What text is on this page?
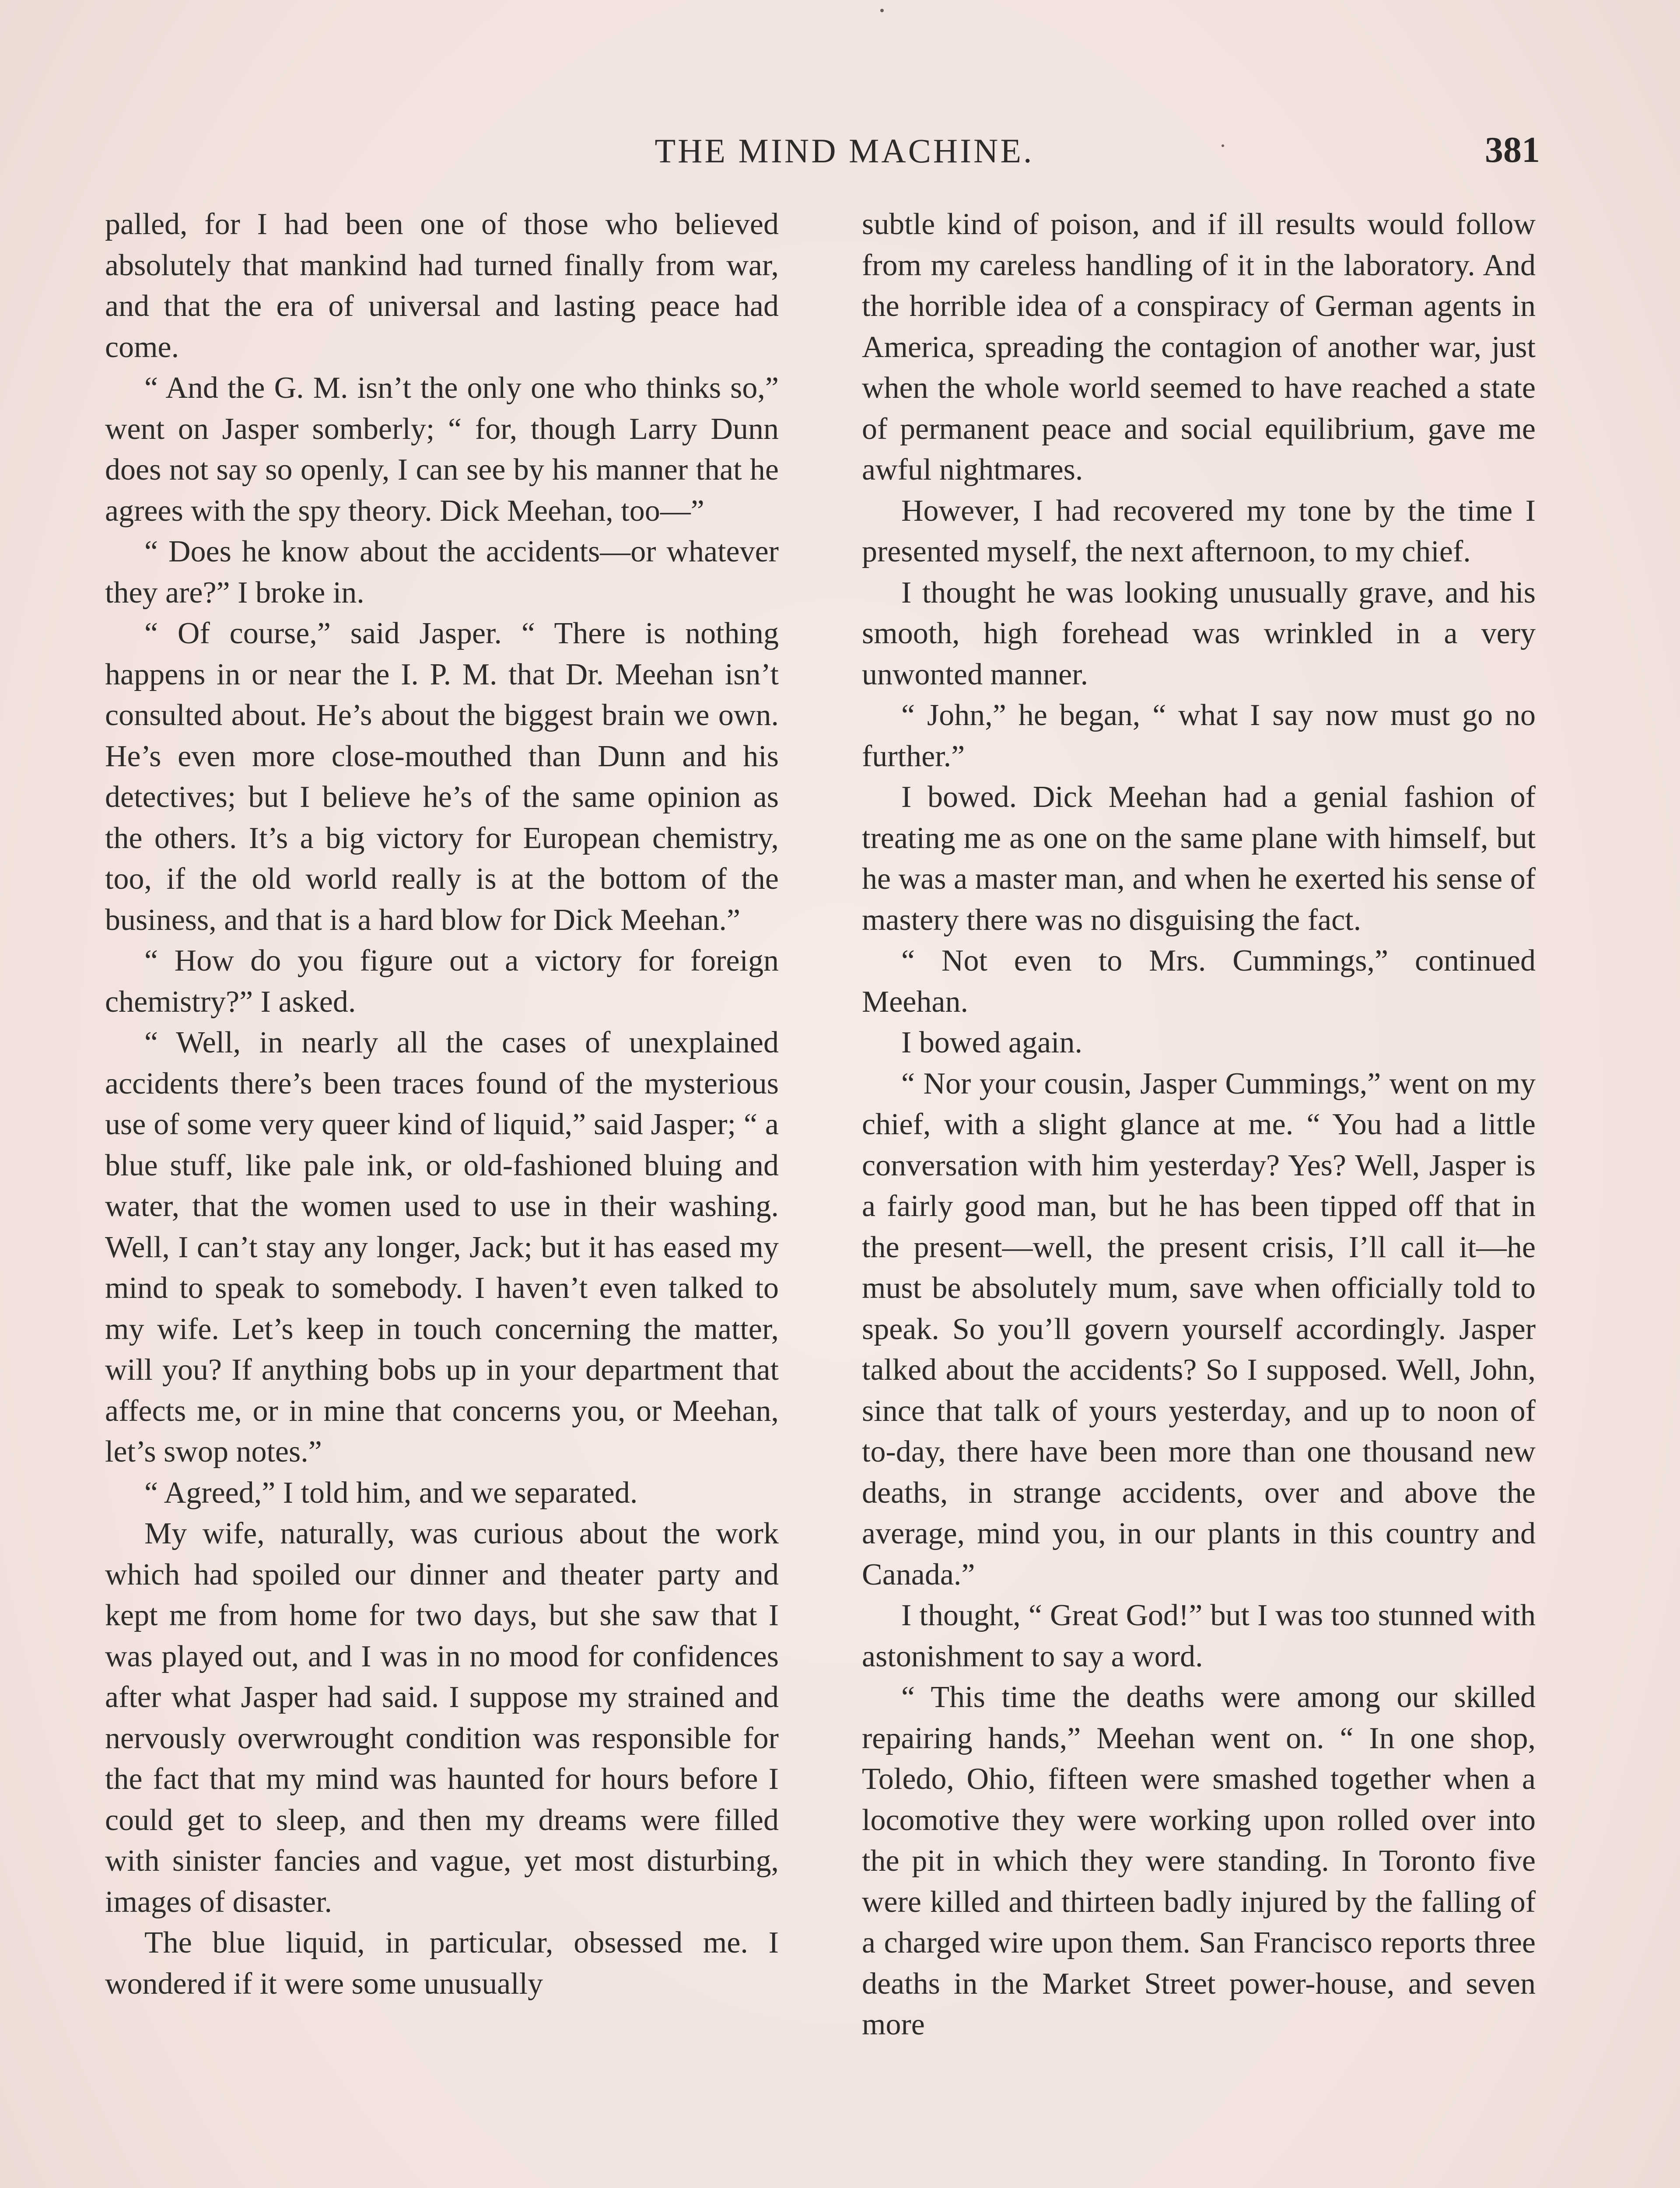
THE MIND MACHINE.	381

palled, for I had been one of those who believed absolutely that mankind had turned finally from war, and that the era of universal and lasting peace had come.

“ And the G. M. isn’t the only one who thinks so,” went on Jasper somberly; “ for, though Larry Dunn does not say so openly, I can see by his manner that he agrees with the spy theory. Dick Meehan, too—”

“ Does he know about the accidents—or whatever they are?” I broke in.

“ Of course,” said Jasper. “ There is nothing happens in or near the I. P. M. that Dr. Meehan isn’t consulted about. He’s about the biggest brain we own. He’s even more close-mouthed than Dunn and his detectives; but I believe he’s of the same opinion as the others. It’s a big victory for European chemistry, too, if the old world really is at the bottom of the business, and that is a hard blow for Dick Meehan.”

“ How do you figure out a victory for foreign chemistry?” I asked.

“ Well, in nearly all the cases of unexplained accidents there’s been traces found of the mysterious use of some very queer kind of liquid,” said Jasper; “ a blue stuff, like pale ink, or old-fashioned bluing and water, that the women used to use in their washing. Well, I can’t stay any longer, Jack; but it has eased my mind to speak to somebody. I haven’t even talked to my wife. Let’s keep in touch concerning the matter, will you? If anything bobs up in your department that affects me, or in mine that concerns you, or Meehan, let’s swop notes.”

“ Agreed,” I told him, and we separated.

My wife, naturally, was curious about the work which had spoiled our dinner and theater party and kept me from home for two days, but she saw that I was played out, and I was in no mood for confidences after what Jasper had said. I suppose my strained and nervously overwrought condition was responsible for the fact that my mind was haunted for hours before I could get to sleep, and then my dreams were filled with sinister fancies and vague, yet most disturbing, images of disaster.

The blue liquid, in particular, obsessed me. I wondered if it were some unusually

subtle kind of poison, and if ill results would follow from my careless handling of it in the laboratory. And the horrible idea of a conspiracy of German agents in America, spreading the contagion of another war, just when the whole world seemed to have reached a state of permanent peace and social equilibrium, gave me awful nightmares.

However, I had recovered my tone by the time I presented myself, the next afternoon, to my chief.

I thought he was looking unusually grave, and his smooth, high forehead was wrinkled in a very unwonted manner.

“ John,” he began, “ what I say now must go no further.”

I bowed. Dick Meehan had a genial fashion of treating me as one on the same plane with himself, but he was a master man, and when he exerted his sense of mastery there was no disguising the fact.

“ Not even to Mrs. Cummings,” continued Meehan.

I bowed again.

“ Nor your cousin, Jasper Cummings,” went on my chief, with a slight glance at me. “ You had a little conversation with him yesterday? Yes? Well, Jasper is a fairly good man, but he has been tipped off that in the present—well, the present crisis, I’ll call it—he must be absolutely mum, save when officially told to speak. So you’ll govern yourself accordingly. Jasper talked about the accidents? So I supposed. Well, John, since that talk of yours yesterday, and up to noon of to-day, there have been more than one thousand new deaths, in strange accidents, over and above the average, mind you, in our plants in this country and Canada.”

I thought, “ Great God!” but I was too stunned with astonishment to say a word.

“ This time the deaths were among our skilled repairing hands,” Meehan went on. “ In one shop, Toledo, Ohio, fifteen were smashed together when a locomotive they were working upon rolled over into the pit in which they were standing. In Toronto five were killed and thirteen badly injured by the falling of a charged wire upon them. San Francisco reports three deaths in the Market Street power-house, and seven more
